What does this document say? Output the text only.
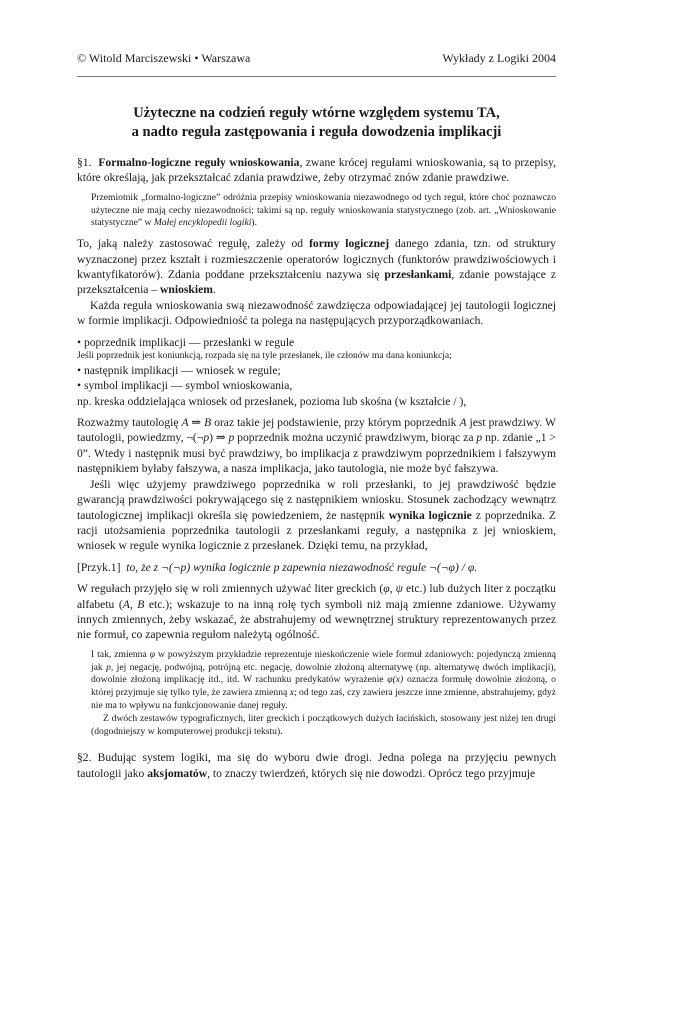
© Witold Marciszewski • Warszawa	Wykłady z Logiki 2004
Użyteczne na codzień reguły wtórne względem systemu TA,
a nadto reguła zastępowania i reguła dowodzenia implikacji

§1. Formalno-logiczne reguły wnioskowania, zwane krócej regułami wnioskowania, są to przepisy, które określają, jak przekształcać zdania prawdziwe, żeby otrzymać znów zdanie prawdziwe.

Przemiotnik „formalno-logiczne” odróżnia przepisy wnioskowania niezawodnego od tych reguł, które choć poznawczo użyteczne nie mają cechy niezawodności; takimi są np. reguły wnioskowania statystycznego (zob. art. „Wnioskowanie statystyczne” w Małej encyklopedii logiki).

To, jaką należy zastosować regułę, zależy od formy logicznej danego zdania, tzn. od struktury wyznaczonej przez kształt i rozmieszczenie operatorów logicznych (funktorów prawdziwościowych i kwantyfikatorów). Zdania poddane przekształceniu nazywa się przesłankami, zdanie powstające z przekształcenia – wnioskiem.

Każda reguła wnioskowania swą niezawodność zawdzięcza odpowiadającej jej tautologii logicznej w formie implikacji. Odpowiedniość ta polega na następujących przyporządkowaniach.

• poprzednik implikacji — przesłanki w regule

Jeśli poprzednik jest koniunkcją, rozpada się na tyle przesłanek, ile członów ma dana koniunkcja;

• następnik implikacji — wniosek w regule;

• symbol implikacji — symbol wnioskowania,

np. kreska oddzielająca wniosek od przesłanek, pozioma lub skośna (w kształcie / ),

Rozważmy tautologię A ⇒ B oraz takie jej podstawienie, przy którym poprzednik A jest prawdziwy. W tautologii, powiedzmy, ¬(¬p) ⇒ p poprzednik można uczynić prawdziwym, biorąc za p np. zdanie „1 > 0”. Wtedy i następnik musi być prawdziwy, bo implikacja z prawdziwym poprzednikiem i fałszywym następnikiem byłaby fałszywa, a nasza implikacja, jako tautologia, nie może być fałszywa.

Jeśli więc użyjemy prawdziwego poprzednika w roli przesłanki, to jej prawdziwość będzie gwarancją prawdziwości pokrywającego się z następnikiem wniosku. Stosunek zachodzący wewnątrz tautologicznej implikacji określa się powiedzeniem, że następnik wynika logicznie z poprzednika. Z racji utożsamienia poprzednika tautologii z przesłankami reguły, a następnika z jej wnioskiem, wniosek w regule wynika logicznie z przesłanek. Dzięki temu, na przykład,

[Przyk.1] to, że z ¬(¬p) wynika logicznie p zapewnia niezawodność regule ¬(¬φ) / φ.

W regułach przyjęło się w roli zmiennych używać liter greckich (φ, ψ etc.) lub dużych liter z początku alfabetu (A, B etc.); wskazuje to na inną rolę tych symboli niż mają zmienne zdaniowe. Używamy innych zmiennych, żeby wskazać, że abstrahujemy od wewnętrznej struktury reprezentowanych przez nie formuł, co zapewnia regułom należytą ogólność.

I tak, zmienna φ w powyższym przykładzie reprezentuje nieskończenie wiele formuł zdaniowych: pojedynczą zmienną jak p, jej negację, podwójną, potrójną etc. negację, dowolnie złożoną alternatywę (np. alternatywę dwóch implikacji), dowolnie złożoną implikację itd., itd. W rachunku predykatów wyrażenie φ(x) oznacza formułę dowolnie złożoną, o której przyjmuje się tylko tyle, że zawiera zmienną x; od tego zaś, czy zawiera jeszcze inne zmienne, abstrahujemy, gdyż nie ma to wpływu na funkcjonowanie danej reguły.

Z dwóch zestawów typograficznych, liter greckich i początkowych dużych łacińskich, stosowany jest niżej ten drugi (dogodniejszy w komputerowej produkcji tekstu).

§2. Budując system logiki, ma się do wyboru dwie drogi. Jedna polega na przyjęciu pewnych tautologii jako aksjomatów, to znaczy twierdzeń, których się nie dowodzi. Oprócz tego przyjmuje
